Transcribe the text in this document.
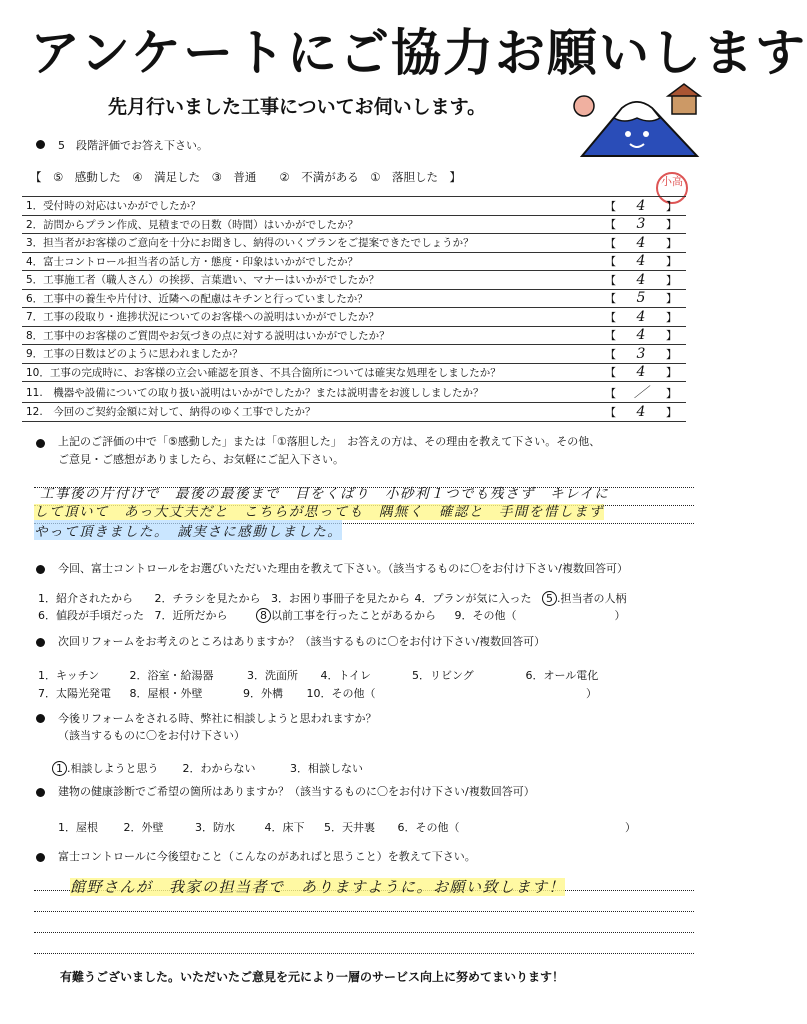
アンケートにご協力お願いします
先月行いました工事についてお伺いします。
小高
5　段階評価でお答え下さい。
【　⑤　感動した　④　満足した　③　普通　　②　不満がある　①　落胆した　】
1．受付時の対応はいかがでしたか？	【 4 】
2．訪問からプラン作成、見積までの日数（時間）はいかがでしたか？	【 3 】
3．担当者がお客様のご意向を十分にお聞きし、納得のいくプランをご提案できたでしょうか？	【 4 】
4．富士コントロール担当者の話し方・態度・印象はいかがでしたか？	【 4 】
5．工事施工者（職人さん）の挨拶、言葉遣い、マナーはいかがでしたか？	【 4 】
6．工事中の養生や片付け、近隣への配慮はキチンと行っていましたか？	【 5 】
7．工事の段取り・進捗状況についてのお客様への説明はいかがでしたか？	【 4 】
8．工事中のお客様のご質問やお気づきの点に対する説明はいかがでしたか？	【 4 】
9．工事の日数はどのように思われましたか？	【 3 】
10．工事の完成時に、お客様の立会い確認を頂き、不具合箇所については確実な処理をしましたか？	【 4 】
11.　機器や設備についての取り扱い説明はいかがでしたか？または説明書をお渡ししましたか？	【 ／ 】
12.　今回のご契約金額に対して、納得のゆく工事でしたか？	【 4 】
上記のご評価の中で「⑤感動した」または「①落胆した」　お答えの方は、その理由を教えて下さい。その他、
ご意見・ご感想がありましたら、お気軽にご記入下さい。
工事後の片付けで　最後の最後まで　目をくばり　小砂利１つでも残さず　キレイに
して頂いて　あっ大丈夫だと　こちらが思っても　隅無く　確認と　手間を惜しまず
やって頂きました。　誠実さに感動しました。
今回、富士コントロールをお選びいただいた理由を教えて下さい。（該当するものに〇をお付け下さい/複数回答可）
1．紹介されたから 2．チラシを見たから 3．お困り事冊子を見たから 4．プランが気に入った 5 .担当者の人柄
6．値段が手頃だった 7．近所だから	8 以前工事を行ったことがあるから 9．その他（	）
次回リフォームをお考えのところはありますか？（該当するものに〇をお付け下さい/複数回答可）
1．キッチン	2．浴室・給湯器	3．洗面所 4．トイレ	5．リビング	6．オール電化
7．太陽光発電 8．屋根・外壁	9．外構 10．その他（	）
今後リフォームをされる時、弊社に相談しようと思われますか？
（該当するものに〇をお付け下さい）
1 .相談しようと思う 2．わからない	3．相談しない
建物の健康診断でご希望の箇所はありますか？（該当するものに〇をお付け下さい/複数回答可）
1．屋根 2．外壁	3．防水	4．床下 5．天井裏 6．その他（	）
富士コントロールに今後望むこと（こんなのがあればと思うこと）を教えて下さい。
館野さんが　我家の担当者で　ありますように。お願い致します！
有難うございました。いただいたご意見を元により一層のサービス向上に努めてまいります！
